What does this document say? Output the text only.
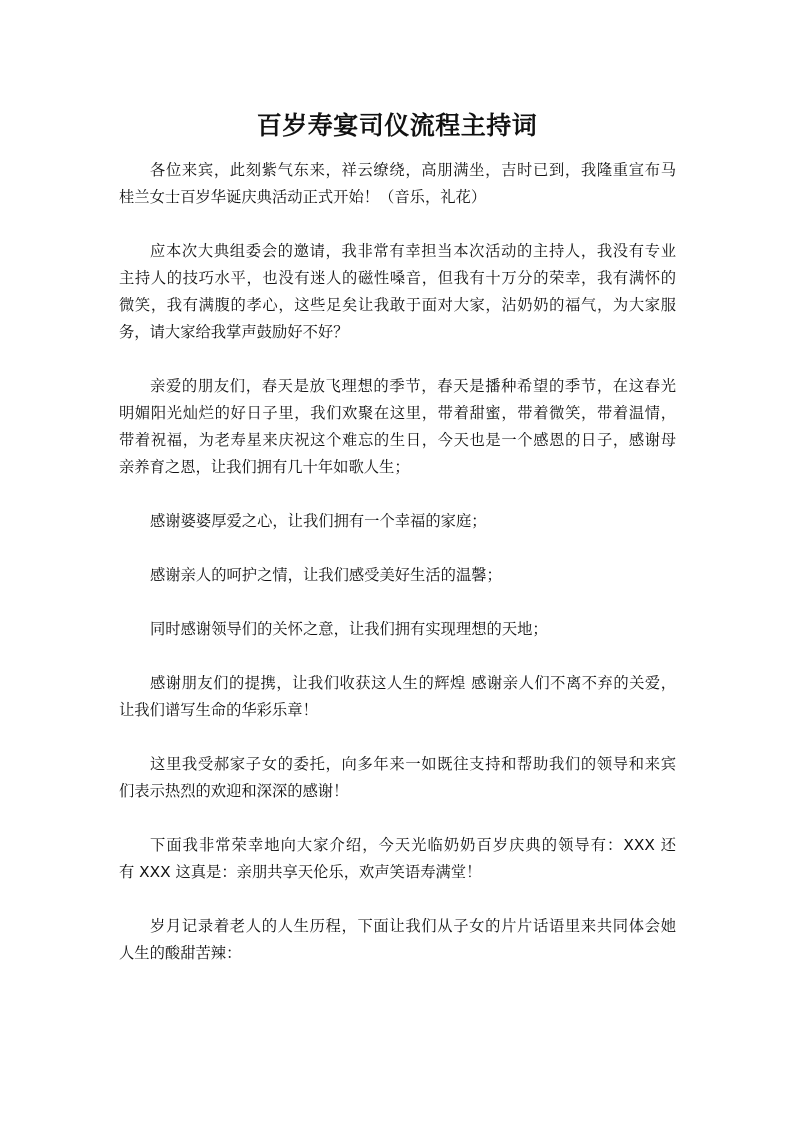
百岁寿宴司仪流程主持词
各位来宾，此刻紫气东来，祥云缭绕，高朋满坐，吉时已到，我隆重宣布马
桂兰女士百岁华诞庆典活动正式开始！（音乐，礼花）
应本次大典组委会的邀请，我非常有幸担当本次活动的主持人，我没有专业
主持人的技巧水平，也没有迷人的磁性嗓音，但我有十万分的荣幸，我有满怀的
微笑，我有满腹的孝心，这些足矣让我敢于面对大家，沾奶奶的福气，为大家服
务，请大家给我掌声鼓励好不好？
亲爱的朋友们，春天是放飞理想的季节，春天是播种希望的季节，在这春光
明媚阳光灿烂的好日子里，我们欢聚在这里，带着甜蜜，带着微笑，带着温情，
带着祝福，为老寿星来庆祝这个难忘的生日，今天也是一个感恩的日子，感谢母
亲养育之恩，让我们拥有几十年如歌人生；
感谢婆婆厚爱之心，让我们拥有一个幸福的家庭；
感谢亲人的呵护之情，让我们感受美好生活的温馨；
同时感谢领导们的关怀之意，让我们拥有实现理想的天地；
感谢朋友们的提携，让我们收获这人生的辉煌 感谢亲人们不离不弃的关爱，
让我们谱写生命的华彩乐章！
这里我受郝家子女的委托，向多年来一如既往支持和帮助我们的领导和来宾
们表示热烈的欢迎和深深的感谢！
下面我非常荣幸地向大家介绍，今天光临奶奶百岁庆典的领导有：XXX 还
有 XXX 这真是：亲朋共享天伦乐，欢声笑语寿满堂！
岁月记录着老人的人生历程，下面让我们从子女的片片话语里来共同体会她
人生的酸甜苦辣：
